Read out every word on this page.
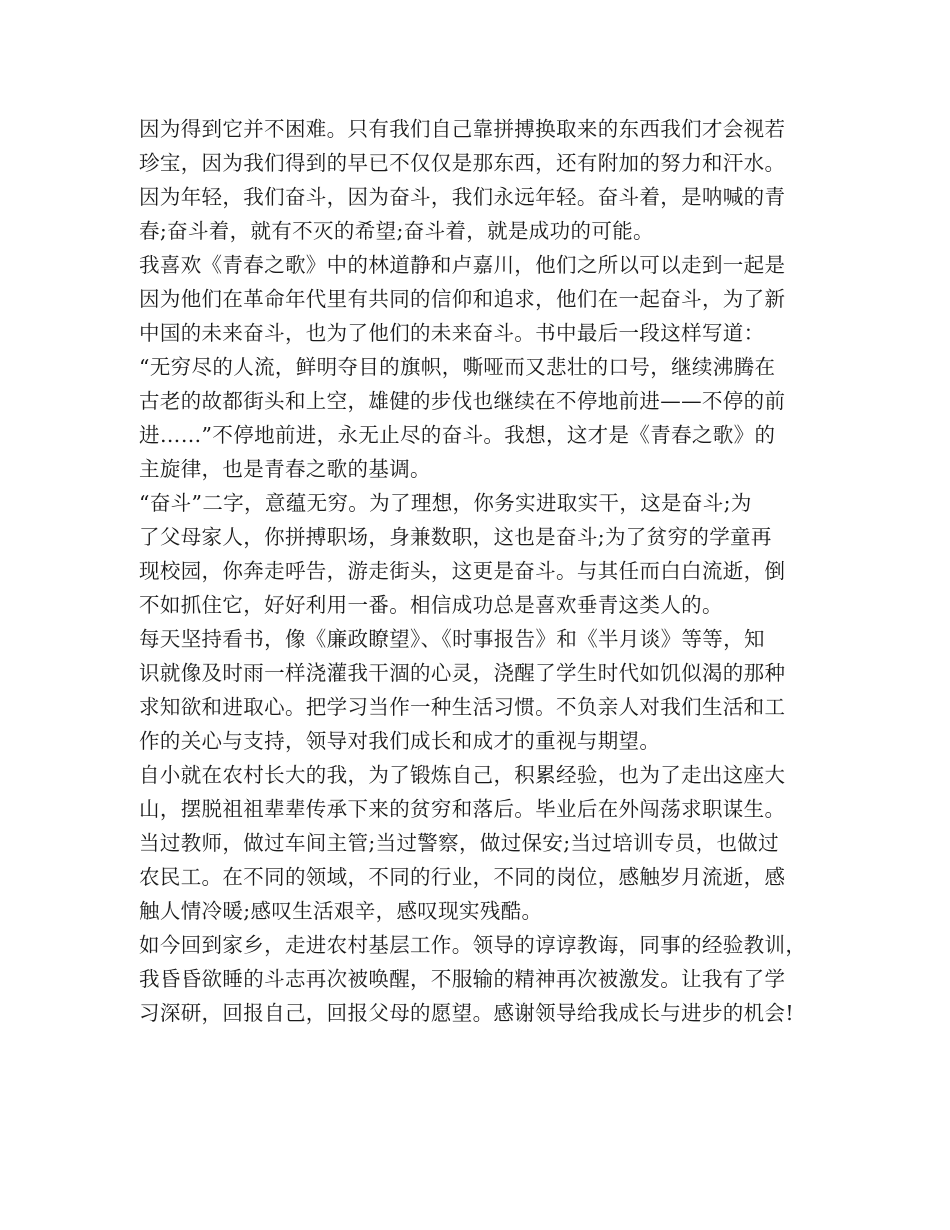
因为得到它并不困难。只有我们自己靠拼搏换取来的东西我们才会视若
珍宝，因为我们得到的早已不仅仅是那东西，还有附加的努力和汗水。
因为年轻，我们奋斗，因为奋斗，我们永远年轻。奋斗着，是呐喊的青
春;奋斗着，就有不灭的希望;奋斗着，就是成功的可能。
我喜欢《青春之歌》中的林道静和卢嘉川，他们之所以可以走到一起是
因为他们在革命年代里有共同的信仰和追求，他们在一起奋斗，为了新
中国的未来奋斗，也为了他们的未来奋斗。书中最后一段这样写道：
“无穷尽的人流，鲜明夺目的旗帜，嘶哑而又悲壮的口号，继续沸腾在
古老的故都街头和上空，雄健的步伐也继续在不停地前进——不停的前
进……”不停地前进，永无止尽的奋斗。我想，这才是《青春之歌》的
主旋律，也是青春之歌的基调。
“奋斗”二字，意蕴无穷。为了理想，你务实进取实干，这是奋斗;为
了父母家人，你拼搏职场，身兼数职，这也是奋斗;为了贫穷的学童再
现校园，你奔走呼告，游走街头，这更是奋斗。与其任而白白流逝，倒
不如抓住它，好好利用一番。相信成功总是喜欢垂青这类人的。
每天坚持看书，像《廉政瞭望》、《时事报告》和《半月谈》等等，知
识就像及时雨一样浇灌我干涸的心灵，浇醒了学生时代如饥似渴的那种
求知欲和进取心。把学习当作一种生活习惯。不负亲人对我们生活和工
作的关心与支持，领导对我们成长和成才的重视与期望。
自小就在农村长大的我，为了锻炼自己，积累经验，也为了走出这座大
山，摆脱祖祖辈辈传承下来的贫穷和落后。毕业后在外闯荡求职谋生。
当过教师，做过车间主管;当过警察，做过保安;当过培训专员，也做过
农民工。在不同的领域，不同的行业，不同的岗位，感触岁月流逝，感
触人情冷暖;感叹生活艰辛，感叹现实残酷。
如今回到家乡，走进农村基层工作。领导的谆谆教诲，同事的经验教训，
我昏昏欲睡的斗志再次被唤醒，不服输的精神再次被激发。让我有了学
习深研，回报自己，回报父母的愿望。感谢领导给我成长与进步的机会!
